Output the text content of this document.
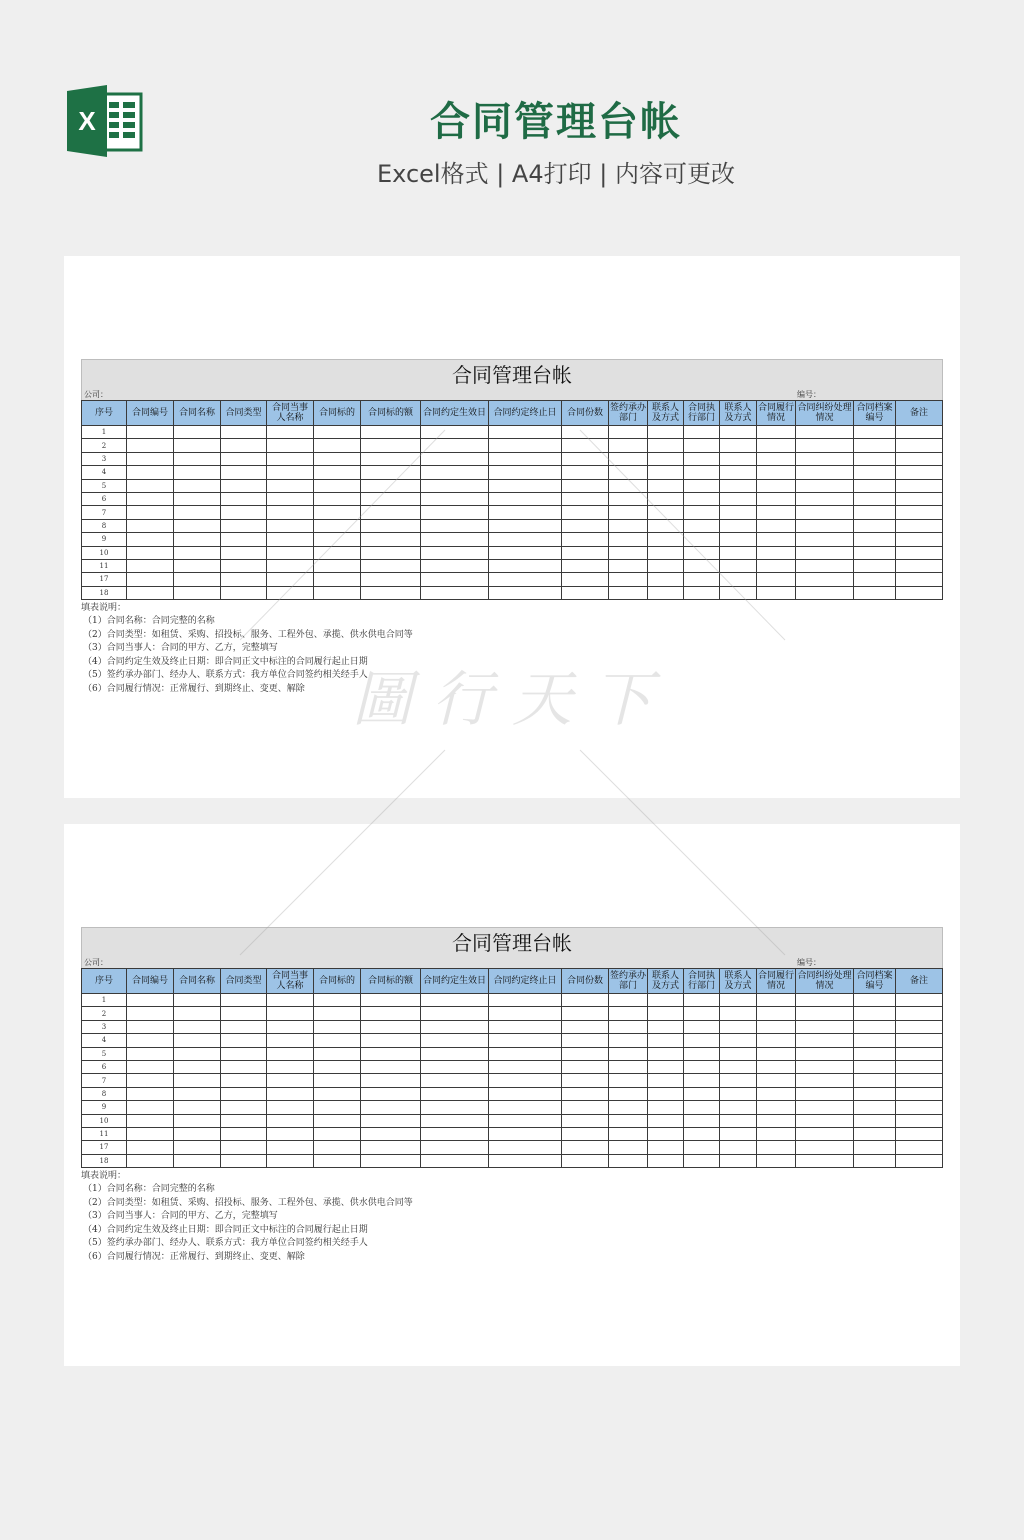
X	合同管理台帐
Excel格式 | A4打印 | 内容可更改
合同管理台帐
公司：	编号：
序号	合同编号	合同名称	合同类型	合同当事人名称	合同标的	合同标的额	合同约定生效日	合同约定终止日	合同份数	签约承办部门	联系人及方式	合同执行部门	联系人及方式	合同履行情况	合同纠纷处理情况	合同档案编号	备注
1																	
2																	
3																	
4																	
5																	
6																	
7																	
8																	
9																	
10																	
11																	
17																	
18																	
填表说明：
（1）合同名称：合同完整的名称
（2）合同类型：如租赁、采购、招投标、服务、工程外包、承揽、供水供电合同等
（3）合同当事人：合同的甲方、乙方，完整填写
（4）合同约定生效及终止日期：即合同正文中标注的合同履行起止日期
（5）签约承办部门、经办人、联系方式：我方单位合同签约相关经手人
（6）合同履行情况：正常履行、到期终止、变更、解除
合同管理台帐
公司：	编号：
序号	合同编号	合同名称	合同类型	合同当事人名称	合同标的	合同标的额	合同约定生效日	合同约定终止日	合同份数	签约承办部门	联系人及方式	合同执行部门	联系人及方式	合同履行情况	合同纠纷处理情况	合同档案编号	备注
1																	
2																	
3																	
4																	
5																	
6																	
7																	
8																	
9																	
10																	
11																	
17																	
18																	
填表说明：
（1）合同名称：合同完整的名称
（2）合同类型：如租赁、采购、招投标、服务、工程外包、承揽、供水供电合同等
（3）合同当事人：合同的甲方、乙方，完整填写
（4）合同约定生效及终止日期：即合同正文中标注的合同履行起止日期
（5）签约承办部门、经办人、联系方式：我方单位合同签约相关经手人
（6）合同履行情况：正常履行、到期终止、变更、解除
圖行天下
